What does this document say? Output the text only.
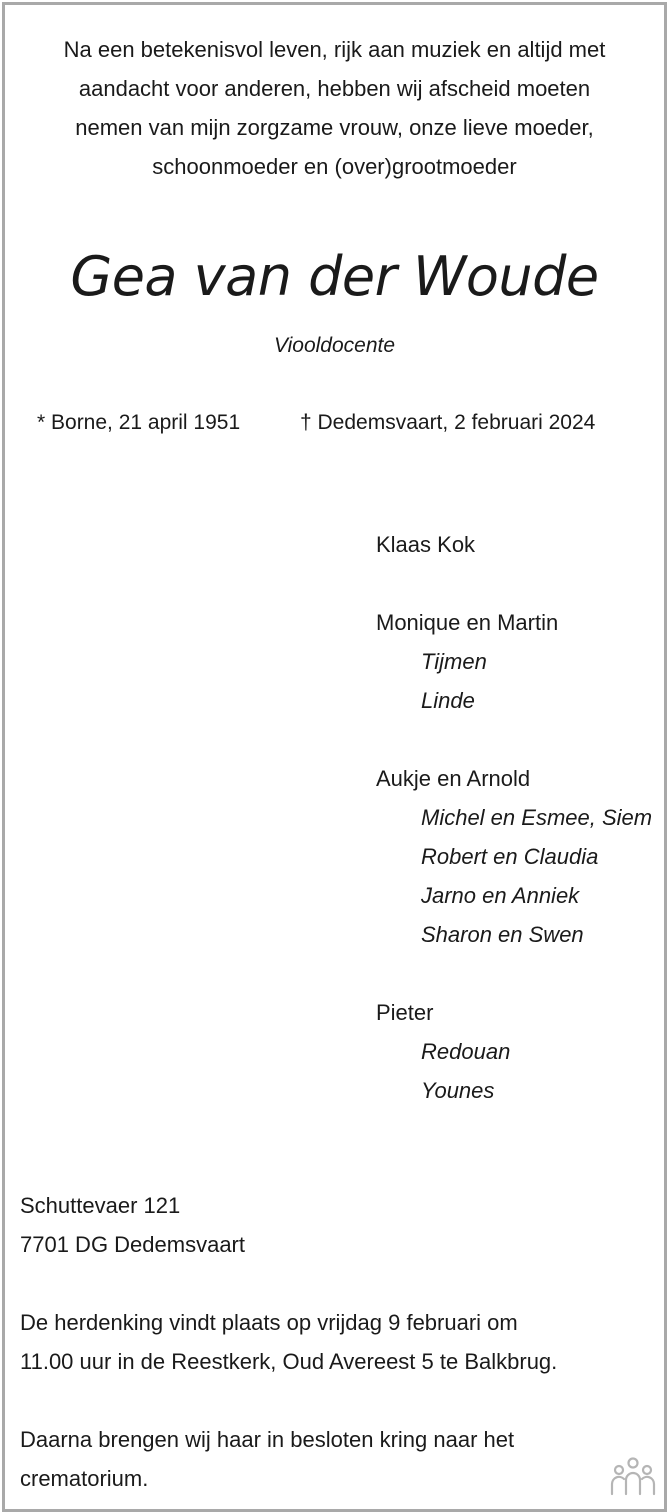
Na een betekenisvol leven, rijk aan muziek en altijd met
aandacht voor anderen, hebben wij afscheid moeten
nemen van mijn zorgzame vrouw, onze lieve moeder,
schoonmoeder en (over)grootmoeder
Gea van der Woude
Viooldocente
* Borne, 21 april 1951	† Dedemsvaart, 2 februari 2024
Klaas Kok
Monique en Martin
Tijmen
Linde
Aukje en Arnold
Michel en Esmee, Siem
Robert en Claudia
Jarno en Anniek
Sharon en Swen
Pieter
Redouan
Younes
Schuttevaer 121
7701 DG Dedemsvaart
De herdenking vindt plaats op vrijdag 9 februari om
11.00 uur in de Reestkerk, Oud Avereest 5 te Balkbrug.
Daarna brengen wij haar in besloten kring naar het
crematorium.
